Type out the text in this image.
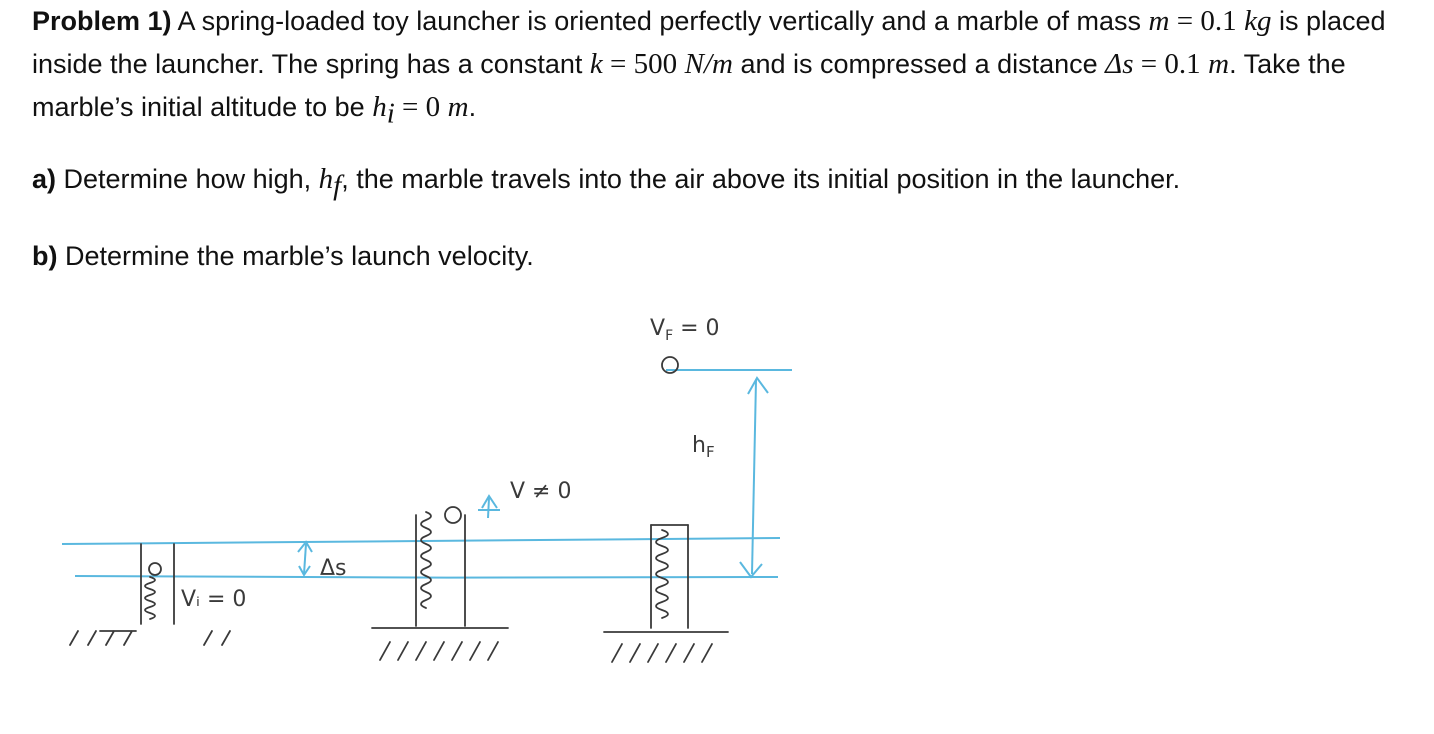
Problem 1) A spring-loaded toy launcher is oriented perfectly vertically and a marble of mass m = 0.1 kg is placed inside the launcher. The spring has a constant k = 500 N/m and is compressed a distance Δs = 0.1 m. Take the marble’s initial altitude to be $h_i = 0$ m.

a) Determine how high, $h_f$, the marble travels into the air above its initial position in the launcher.

b) Determine the marble’s launch velocity.

Vᵢ = 0
Δs
V ≠ 0
$V_F = 0$
$h_F$
